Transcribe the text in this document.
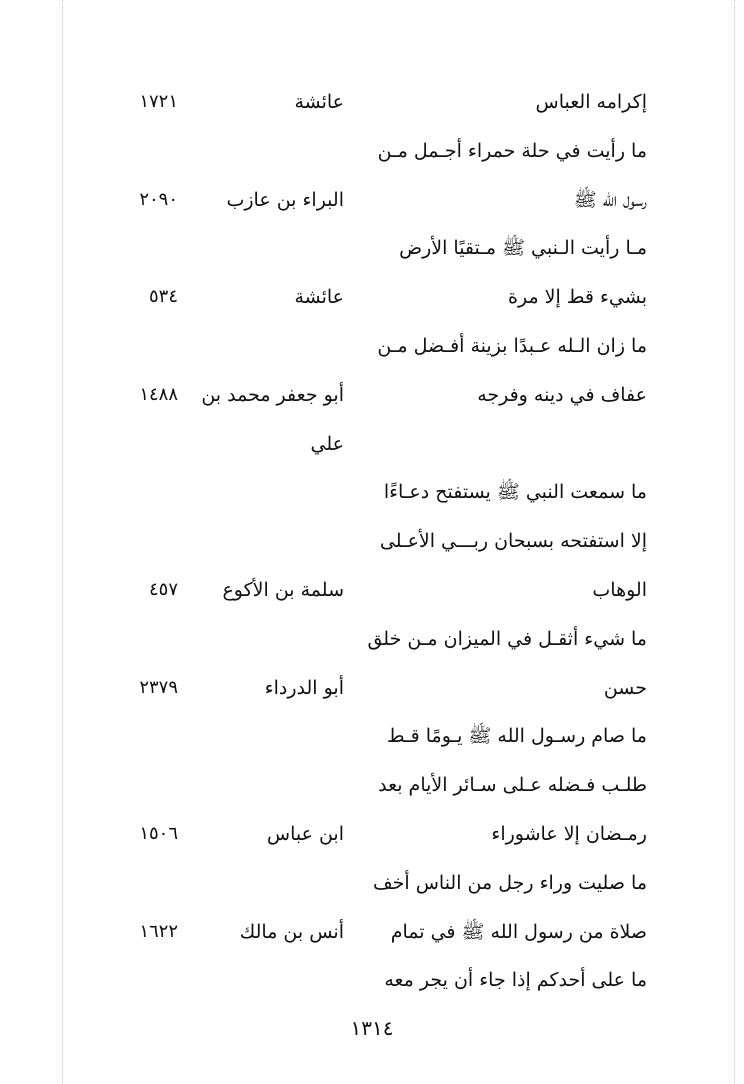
إكرامه العباس
عائشة
١٧٢١
ما رأيت في حلة حمراء أجـمل مـن
رسول الله ﷺ
البراء بن عازب
٢٠٩٠
مـا رأيت الـنبي ﷺ مـتقيًا الأرض
بشيء قط إلا مرة
عائشة
٥٣٤
ما زان الـله عـبدًا بزينة أفـضل مـن
عفاف في دينه وفرجه
أبو جعفر محمد بن
١٤٨٨
علي
ما سمعت النبي ﷺ يستفتح دعـاءًا
إلا استفتحه بسبحان ربـــي الأعـلى
الوهاب
سلمة بن الأكوع
٤٥٧
ما شيء أثقـل في الميزان مـن خلق
حسن
أبو الدرداء
٢٣٧٩
ما صام رسـول الله ﷺ يـومًا قـط
طلـب فـضله عـلى سـائر الأيام بعد
رمـضان إلا عاشوراء
ابن عباس
١٥٠٦
ما صليت وراء رجل من الناس أخف
صلاة من رسول الله ﷺ في تمام
أنس بن مالك
١٦٢٢
ما على أحدكم إذا جاء أن يجر معه
١٣١٤
